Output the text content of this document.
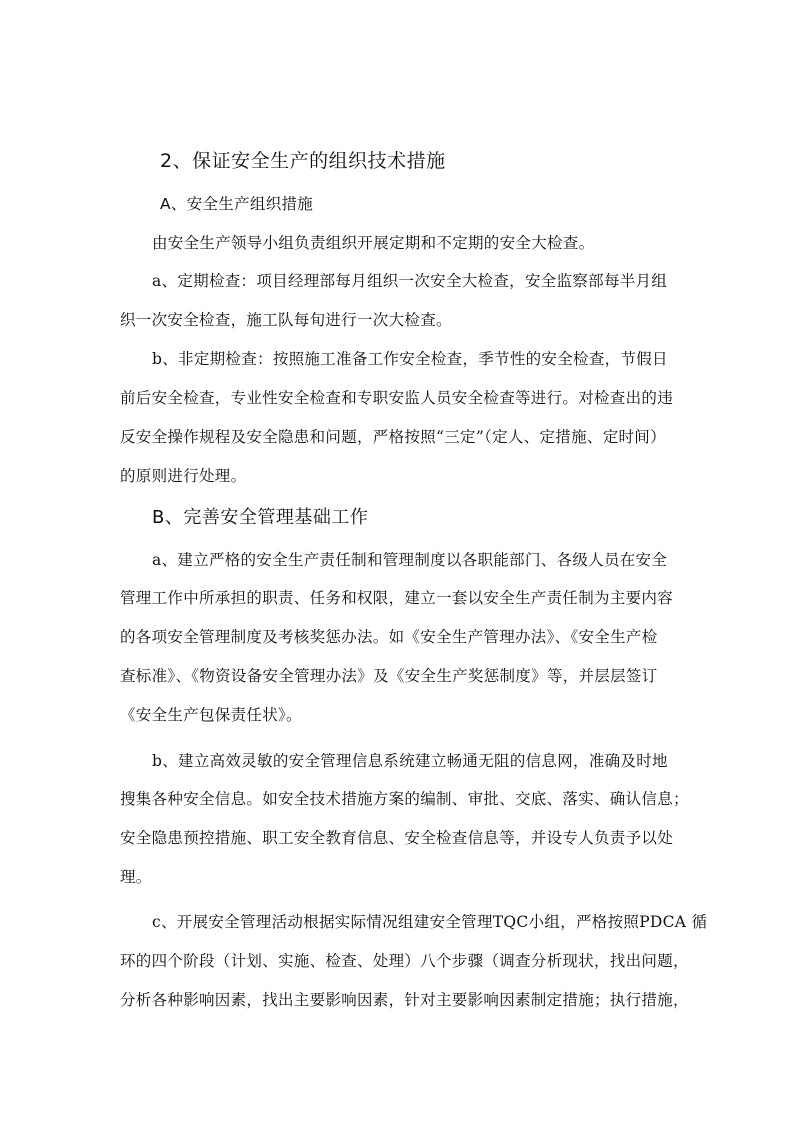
2、保证安全生产的组织技术措施
A、安全生产组织措施
由安全生产领导小组负责组织开展定期和不定期的安全大检查。
a、定期检查：项目经理部每月组织一次安全大检查，安全监察部每半月组
织一次安全检查，施工队每旬进行一次大检查。
b、非定期检查：按照施工准备工作安全检查，季节性的安全检查，节假日
前后安全检查，专业性安全检查和专职安监人员安全检查等进行。对检查出的违
反安全操作规程及安全隐患和问题，严格按照“三定”（定人、定措施、定时间）
的原则进行处理。
B、完善安全管理基础工作
a、建立严格的安全生产责任制和管理制度以各职能部门、各级人员在安全
管理工作中所承担的职责、任务和权限，建立一套以安全生产责任制为主要内容
的各项安全管理制度及考核奖惩办法。如《安全生产管理办法》、《安全生产检
查标准》、《物资设备安全管理办法》及《安全生产奖惩制度》等，并层层签订
《安全生产包保责任状》。
b、建立高效灵敏的安全管理信息系统建立畅通无阻的信息网，准确及时地
搜集各种安全信息。如安全技术措施方案的编制、审批、交底、落实、确认信息；
安全隐患预控措施、职工安全教育信息、安全检查信息等，并设专人负责予以处
理。
c、开展安全管理活动根据实际情况组建安全管理TQC小组，严格按照PDCA 循
环的四个阶段（计划、实施、检查、处理）八个步骤（调查分析现状，找出问题，
分析各种影响因素，找出主要影响因素，针对主要影响因素制定措施；执行措施，
